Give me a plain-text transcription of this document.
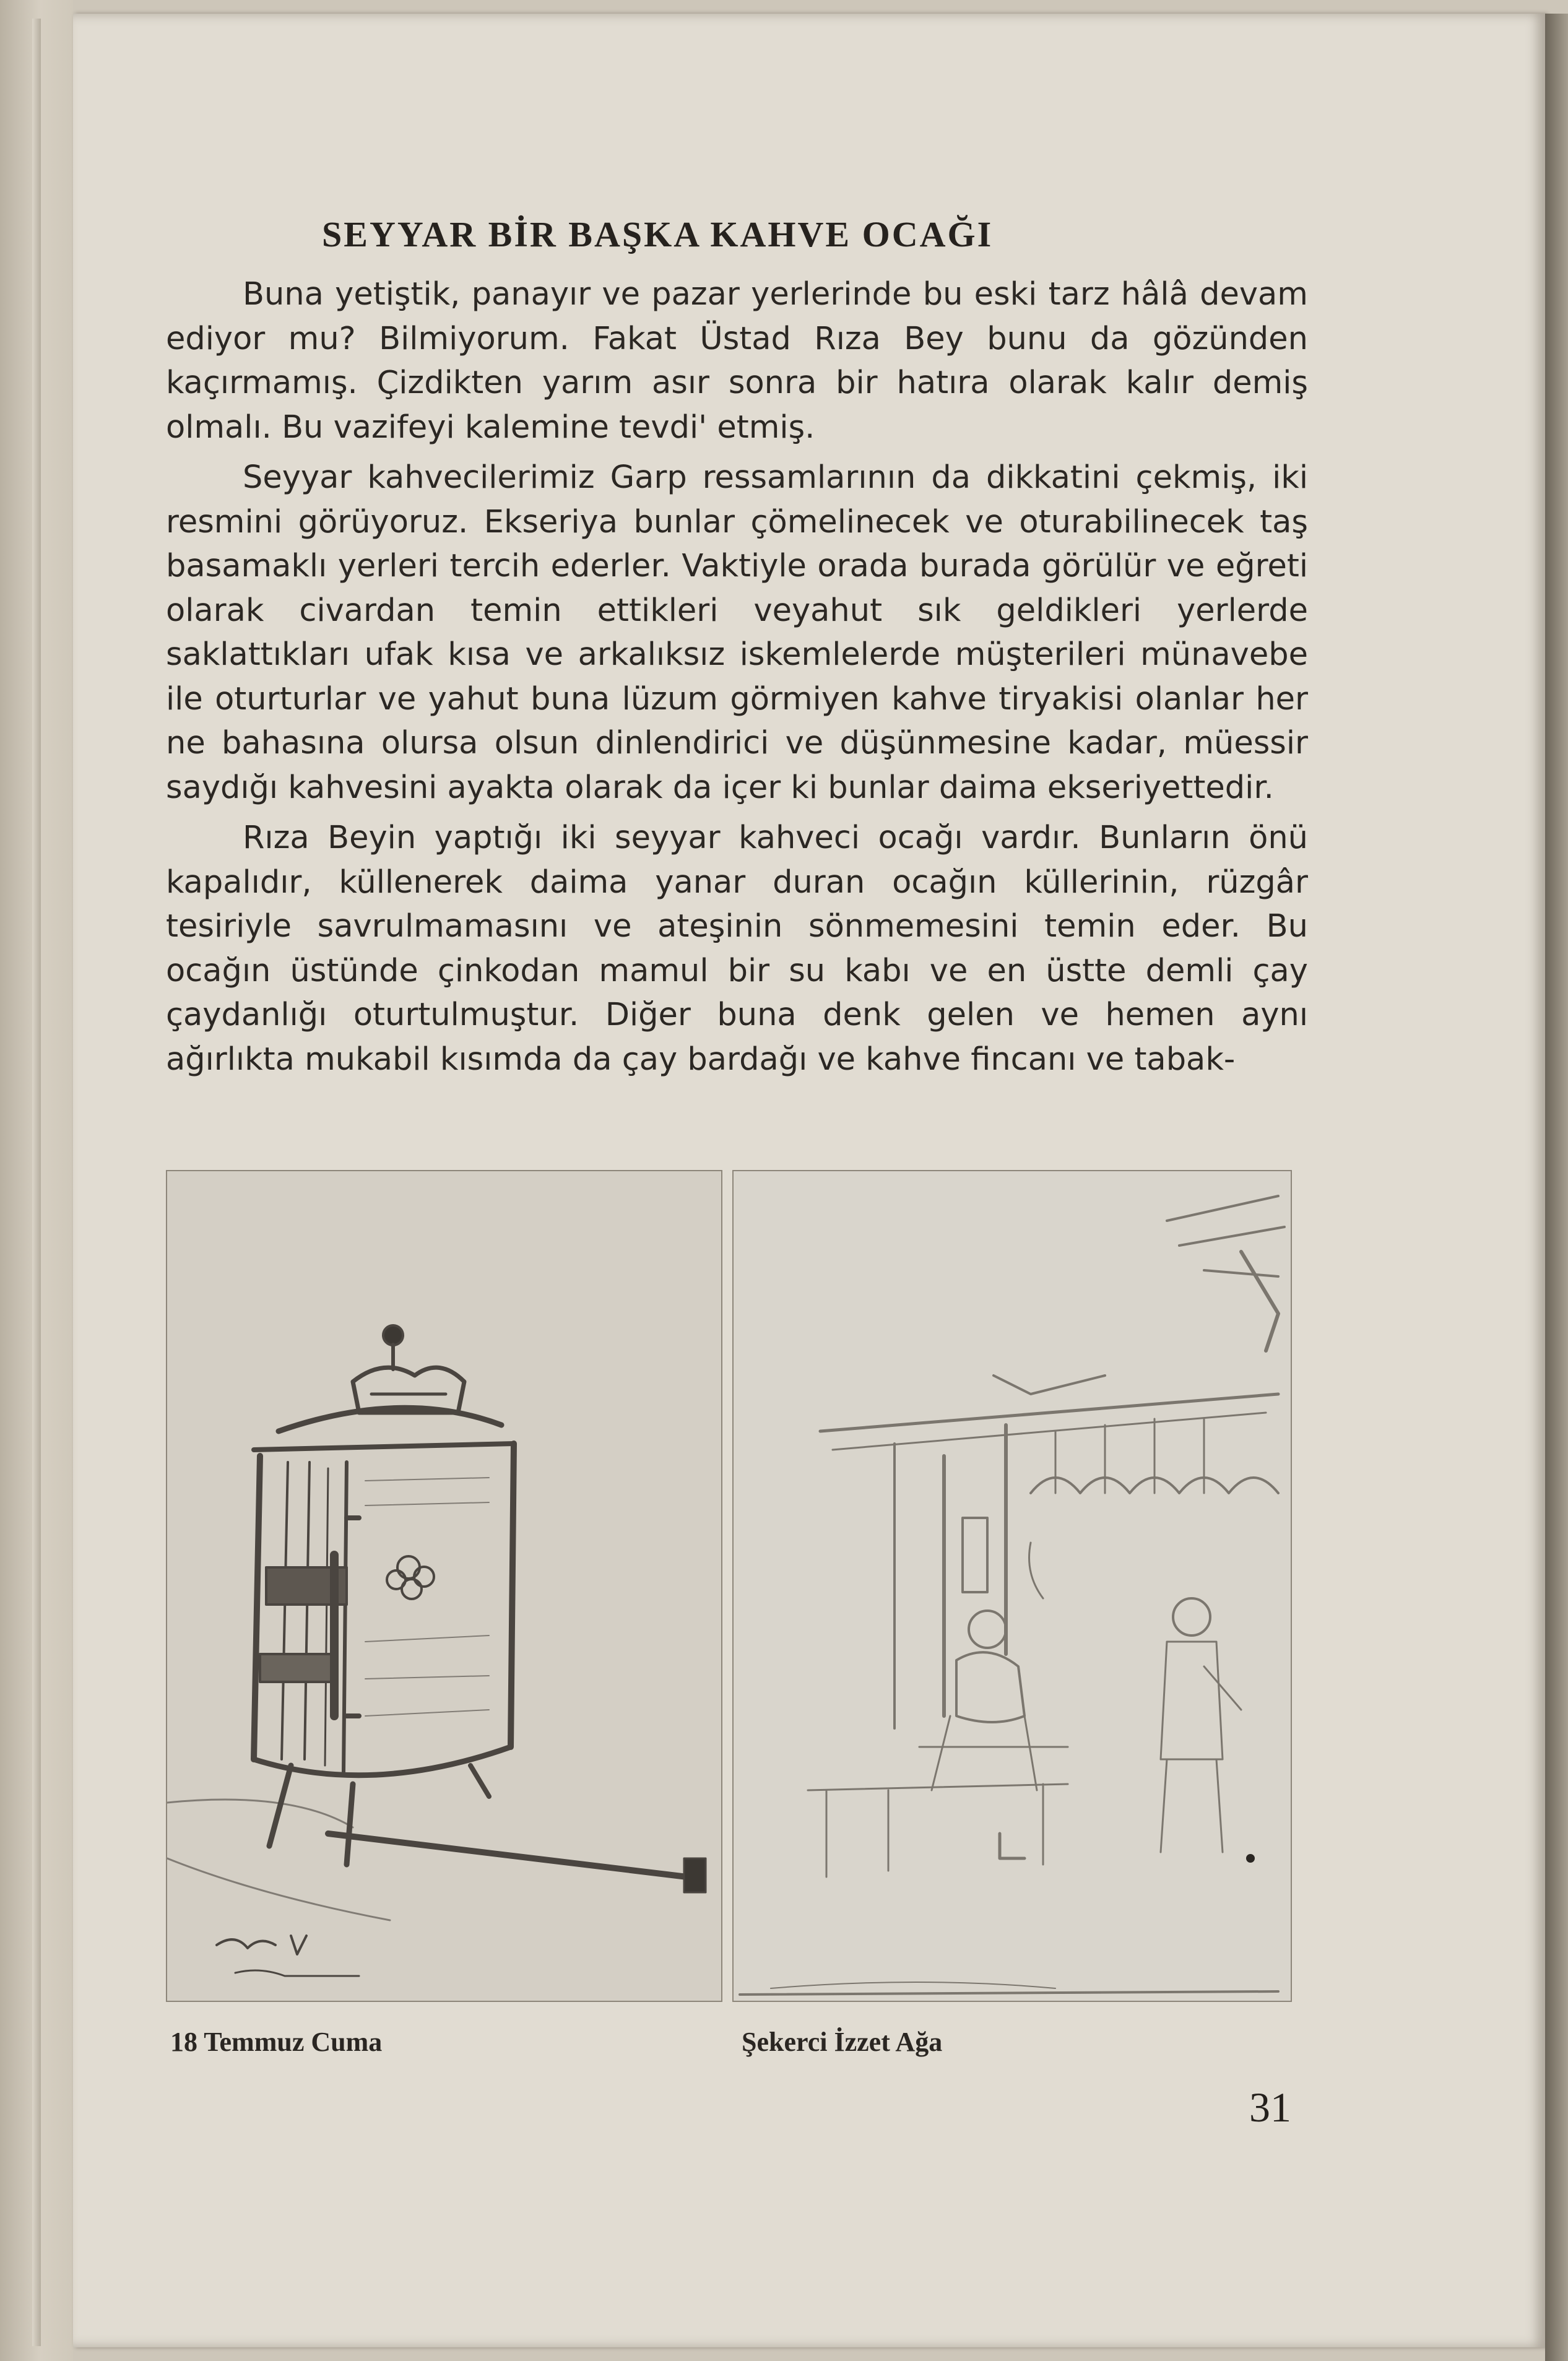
SEYYAR BİR BAŞKA KAHVE OCAĞI

Buna yetiştik, panayır ve pazar yerlerinde bu eski tarz hâlâ devam ediyor mu? Bilmiyorum. Fakat Üstad Rıza Bey bunu da gözünden kaçırmamış. Çizdikten yarım asır sonra bir hatıra olarak kalır demiş olmalı. Bu vazifeyi kalemine tevdi' etmiş.

Seyyar kahvecilerimiz Garp ressamlarının da dikkatini çekmiş, iki resmini görüyoruz. Ekseriya bunlar çömelinecek ve oturabilinecek taş basamaklı yerleri tercih ederler. Vaktiyle orada burada görülür ve eğreti olarak civardan temin ettikleri veyahut sık geldikleri yerlerde saklattıkları ufak kısa ve arkalıksız iskemlelerde müşterileri münavebe ile oturturlar ve yahut buna lüzum görmiyen kahve tiryakisi olanlar her ne bahasına olursa olsun dinlendirici ve düşünmesine kadar, müessir saydığı kahvesini ayakta olarak da içer ki bunlar daima ekseriyettedir.

Rıza Beyin yaptığı iki seyyar kahveci ocağı vardır. Bunların önü kapalıdır, küllenerek daima yanar duran ocağın küllerinin, rüzgâr tesiriyle savrulmamasını ve ateşinin sönmemesini temin eder. Bu ocağın üstünde çinkodan mamul bir su kabı ve en üstte demli çay çaydanlığı oturtulmuştur. Diğer buna denk gelen ve hemen aynı ağırlıkta mukabil kısımda da çay bardağı ve kahve fincanı ve tabak-

18 Temmuz Cuma	Şekerci İzzet Ağa
31
